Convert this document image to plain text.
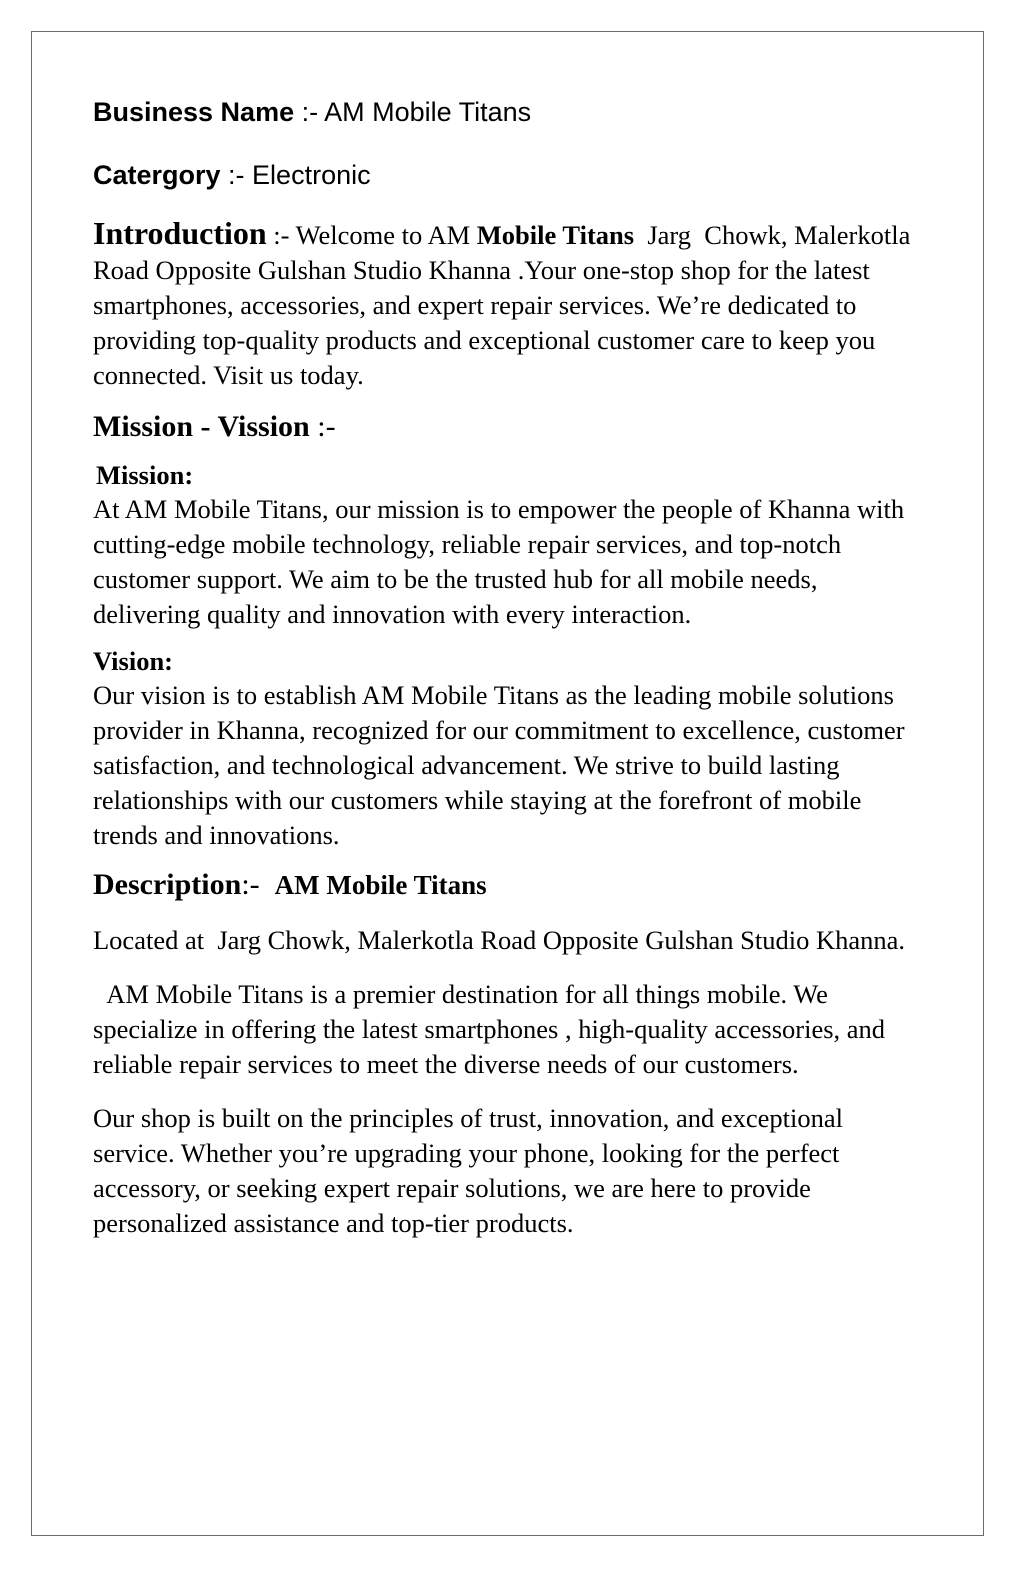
Business Name :- AM Mobile Titans

Catergory :- Electronic

Introduction :- Welcome to AM Mobile Titans  Jarg  Chowk, Malerkotla Road Opposite Gulshan Studio Khanna .Your one-stop shop for the latest smartphones, accessories, and expert repair services. We’re dedicated to providing top-quality products and exceptional customer care to keep you connected. Visit us today.

Mission - Vission :-

Mission:

At AM Mobile Titans, our mission is to empower the people of Khanna with cutting-edge mobile technology, reliable repair services, and top-notch customer support. We aim to be the trusted hub for all mobile needs, delivering quality and innovation with every interaction.

Vision:

Our vision is to establish AM Mobile Titans as the leading mobile solutions provider in Khanna, recognized for our commitment to excellence, customer satisfaction, and technological advancement. We strive to build lasting relationships with our customers while staying at the forefront of mobile trends and innovations.

Description:-  AM Mobile Titans

Located at  Jarg Chowk, Malerkotla Road Opposite Gulshan Studio Khanna.

AM Mobile Titans is a premier destination for all things mobile. We specialize in offering the latest smartphones , high-quality accessories, and reliable repair services to meet the diverse needs of our customers.

Our shop is built on the principles of trust, innovation, and exceptional service. Whether you’re upgrading your phone, looking for the perfect accessory, or seeking expert repair solutions, we are here to provide personalized assistance and top-tier products.
